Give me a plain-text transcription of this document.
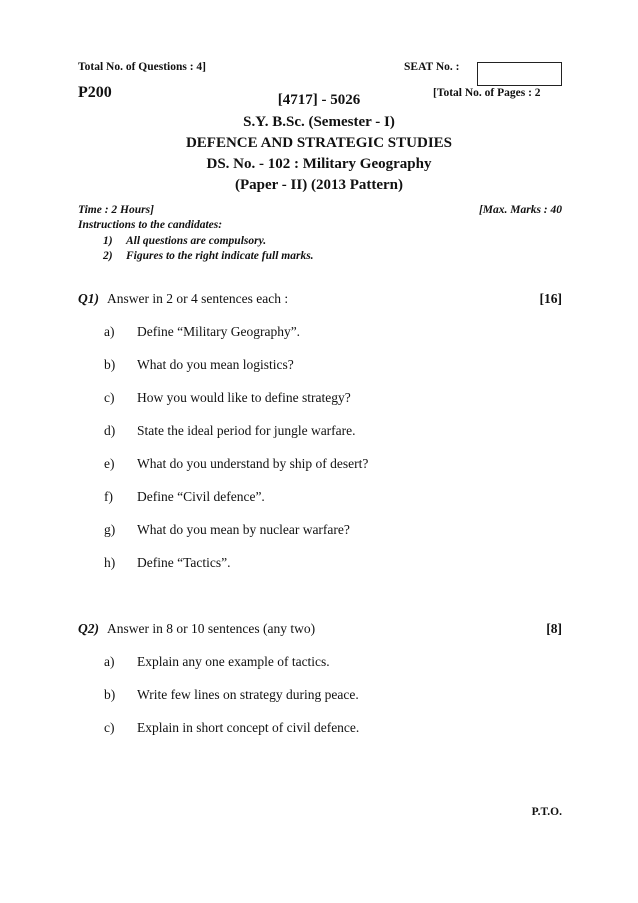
Total No. of Questions : 4]	SEAT No. :
P200	[Total No. of Pages : 2
[4717] - 5026
S.Y. B.Sc. (Semester - I)
DEFENCE AND STRATEGIC STUDIES
DS. No. - 102 : Military Geography
(Paper - II) (2013 Pattern)
Time : 2 Hours]	[Max. Marks : 40
Instructions to the candidates:
1) All questions are compulsory.
2) Figures to the right indicate full marks.
Q1) Answer in 2 or 4 sentences each :	[16]
a) Define “Military Geography”.
b) What do you mean logistics?
c) How you would like to define strategy?
d) State the ideal period for jungle warfare.
e) What do you understand by ship of desert?
f) Define “Civil defence”.
g) What do you mean by nuclear warfare?
h) Define “Tactics”.
Q2) Answer in 8 or 10 sentences (any two)	[8]
a) Explain any one example of tactics.
b) Write few lines on strategy during peace.
c) Explain in short concept of civil defence.
P.T.O.
